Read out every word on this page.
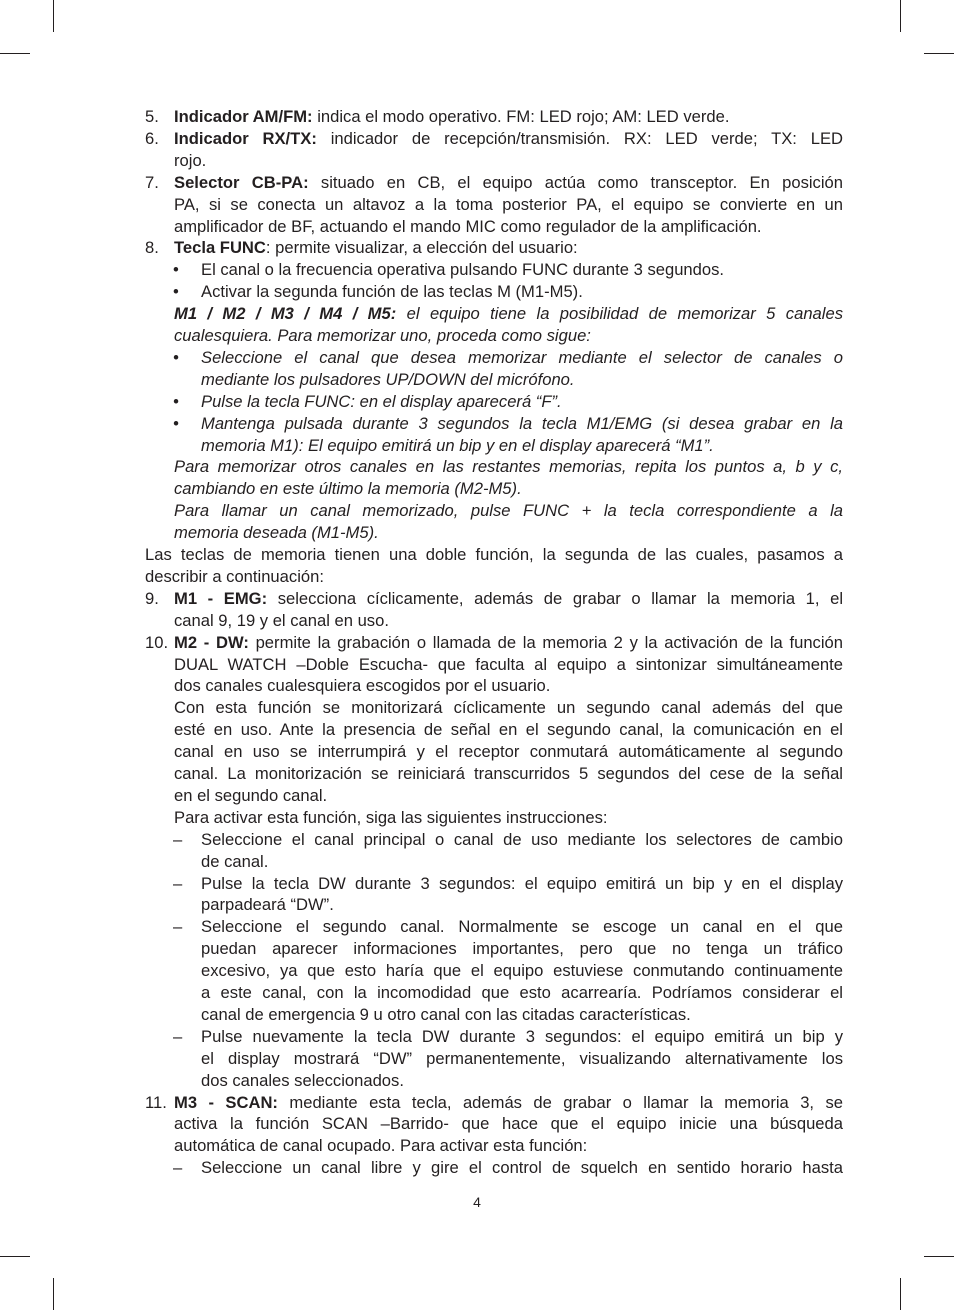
5. Indicador AM/FM: indica el modo operativo. FM: LED rojo; AM: LED verde.
6. Indicador RX/TX: indicador de recepción/transmisión. RX: LED verde; TX: LED
rojo.
7. Selector CB-PA: situado en CB, el equipo actúa como transceptor. En posición
PA, si se conecta un altavoz a la toma posterior PA, el equipo se convierte en un
amplificador de BF, actuando el mando MIC como regulador de la amplificación.
8. Tecla FUNC: permite visualizar, a elección del usuario:
• El canal o la frecuencia operativa pulsando FUNC durante 3 segundos.
• Activar la segunda función de las teclas M (M1-M5).
M1 / M2 / M3 / M4 / M5: el equipo tiene la posibilidad de memorizar 5 canales
cualesquiera. Para memorizar uno, proceda como sigue:
• Seleccione el canal que desea memorizar mediante el selector de canales o
mediante los pulsadores UP/DOWN del micrófono.
• Pulse la tecla FUNC: en el display aparecerá “F”.
• Mantenga pulsada durante 3 segundos la tecla M1/EMG (si desea grabar en la
memoria M1): El equipo emitirá un bip y en el display aparecerá “M1”.
Para memorizar otros canales en las restantes memorias, repita los puntos a, b y c,
cambiando en este último la memoria (M2-M5).
Para llamar un canal memorizado, pulse FUNC + la tecla correspondiente a la
memoria deseada (M1-M5).
Las teclas de memoria tienen una doble función, la segunda de las cuales, pasamos a
describir a continuación:
9. M1 - EMG: selecciona cíclicamente, además de grabar o llamar la memoria 1, el
canal 9, 19 y el canal en uso.
10. M2 - DW: permite la grabación o llamada de la memoria 2 y la activación de la función
DUAL WATCH –Doble Escucha- que faculta al equipo a sintonizar simultáneamente
dos canales cualesquiera escogidos por el usuario.
Con esta función se monitorizará cíclicamente un segundo canal además del que
esté en uso. Ante la presencia de señal en el segundo canal, la comunicación en el
canal en uso se interrumpirá y el receptor conmutará automáticamente al segundo
canal. La monitorización se reiniciará transcurridos 5 segundos del cese de la señal
en el segundo canal.
Para activar esta función, siga las siguientes instrucciones:
– Seleccione el canal principal o canal de uso mediante los selectores de cambio
de canal.
– Pulse la tecla DW durante 3 segundos: el equipo emitirá un bip y en el display
parpadeará “DW”.
– Seleccione el segundo canal. Normalmente se escoge un canal en el que
puedan aparecer informaciones importantes, pero que no tenga un tráfico
excesivo, ya que esto haría que el equipo estuviese conmutando continuamente
a este canal, con la incomodidad que esto acarrearía. Podríamos considerar el
canal de emergencia 9 u otro canal con las citadas características.
– Pulse nuevamente la tecla DW durante 3 segundos: el equipo emitirá un bip y
el display mostrará “DW” permanentemente, visualizando alternativamente los
dos canales seleccionados.
11. M3 - SCAN: mediante esta tecla, además de grabar o llamar la memoria 3, se
activa la función SCAN –Barrido- que hace que el equipo inicie una búsqueda
automática de canal ocupado. Para activar esta función:
– Seleccione un canal libre y gire el control de squelch en sentido horario hasta
4
